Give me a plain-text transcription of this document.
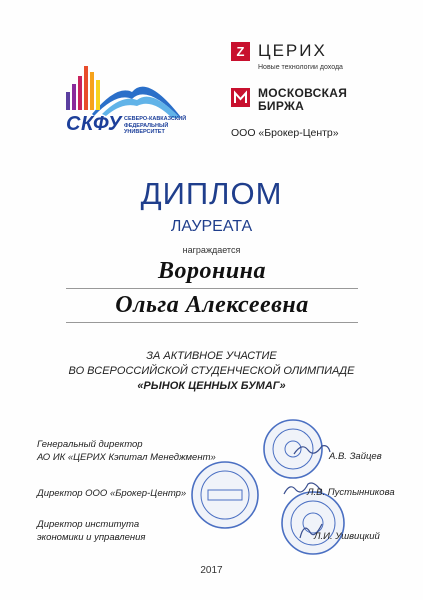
СКФУ СЕВЕРО-КАВКАЗСКИЙ
ФЕДЕРАЛЬНЫЙ
УНИВЕРСИТЕТ
Z ЦЕРИХ
Новые технологии дохода
МОСКОВСКАЯ
БИРЖА
ООО «Брокер-Центр»
ДИПЛОМ
ЛАУРЕАТА
награждается
Воронина
Ольга Алексеевна
ЗА АКТИВНОЕ УЧАСТИЕ
ВО ВСЕРОССИЙСКОЙ СТУДЕНЧЕСКОЙ ОЛИМПИАДЕ
«РЫНОК ЦЕННЫХ БУМАГ»
Генеральный директор
АО ИК «ЦЕРИХ Кэпитал Менеджмент»	А.В. Зайцев
Директор ООО «Брокер-Центр»	Л.В. Пустынникова
Директор института
экономики и управления	Л.И. Ушвицкий
2017
